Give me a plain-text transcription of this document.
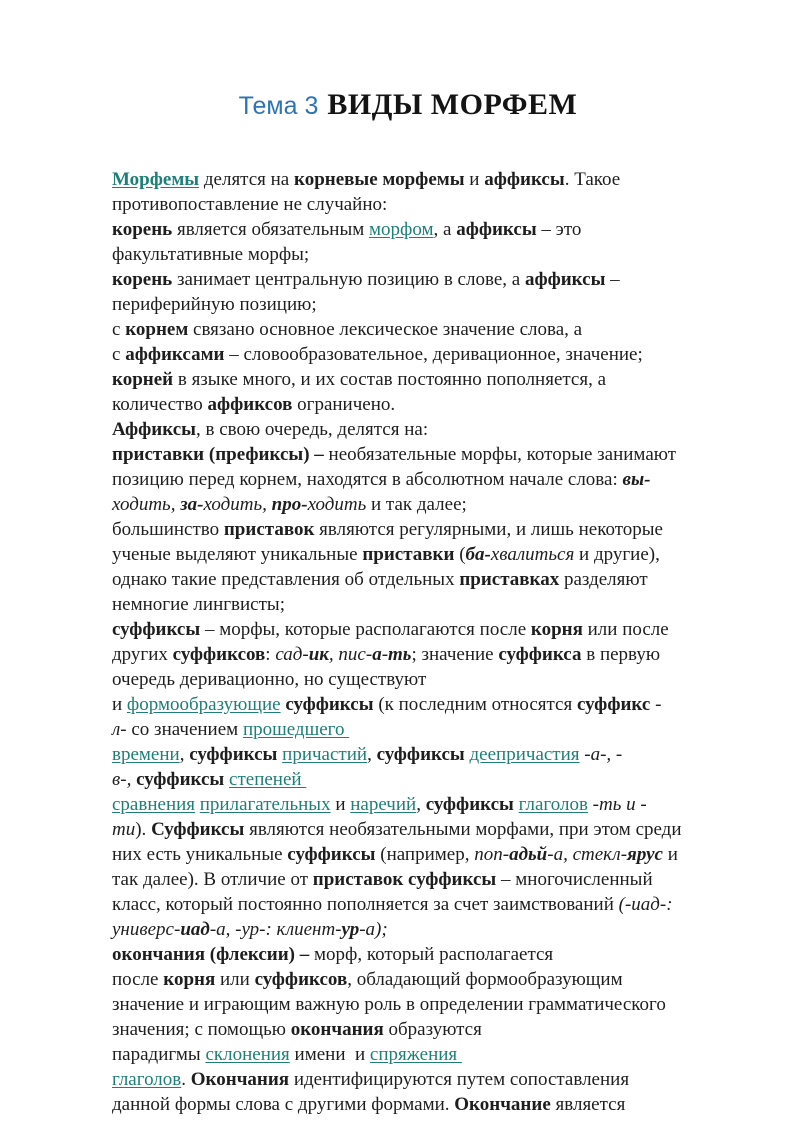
Тема 3 ВИДЫ МОРФЕМ

Морфемы делятся на корневые морфемы и аффиксы. Такое
противопоставление не случайно:
корень является обязательным морфом, а аффиксы – это
факультативные морфы;
корень занимает центральную позицию в слове, а аффиксы –
периферийную позицию;
с корнем связано основное лексическое значение слова, а
с аффиксами – словообразовательное, деривационное, значение;
корней в языке много, и их состав постоянно пополняется, а
количество аффиксов ограничено.
Аффиксы, в свою очередь, делятся на:
приставки (префиксы) – необязательные морфы, которые занимают
позицию перед корнем, находятся в абсолютном начале слова: вы-
ходить, за-ходить, про-ходить и так далее;
большинство приставок являются регулярными, и лишь некоторые
ученые выделяют уникальные приставки (ба-хвалиться и другие),
однако такие представления об отдельных приставках разделяют
немногие лингвисты;
суффиксы – морфы, которые располагаются после корня или после
других суффиксов: сад-ик, пис-а-ть; значение суффикса в первую
очередь деривационно, но существуют
и формообразующие суффиксы (к последним относятся суффикс -
л- со значением прошедшего
времени, суффиксы причастий, суффиксы деепричастия -а-, -
в-, суффиксы степеней
сравнения прилагательных и наречий, суффиксы глаголов -ть и -
ти). Суффиксы являются необязательными морфами, при этом среди
них есть уникальные суффиксы (например, поп-адьй-а, стекл-ярус и
так далее). В отличие от приставок суффиксы – многочисленный
класс, который постоянно пополняется за счет заимствований (-иад-:
универс-иад-а, -ур-: клиент-ур-а);
окончания (флексии) – морф, который располагается
после корня или суффиксов, обладающий формообразующим
значение и играющим важную роль в определении грамматического
значения; с помощью окончания образуются
парадигмы склонения имени  и спряжения
глаголов. Окончания идентифицируются путем сопоставления
данной формы слова с другими формами. Окончание является
